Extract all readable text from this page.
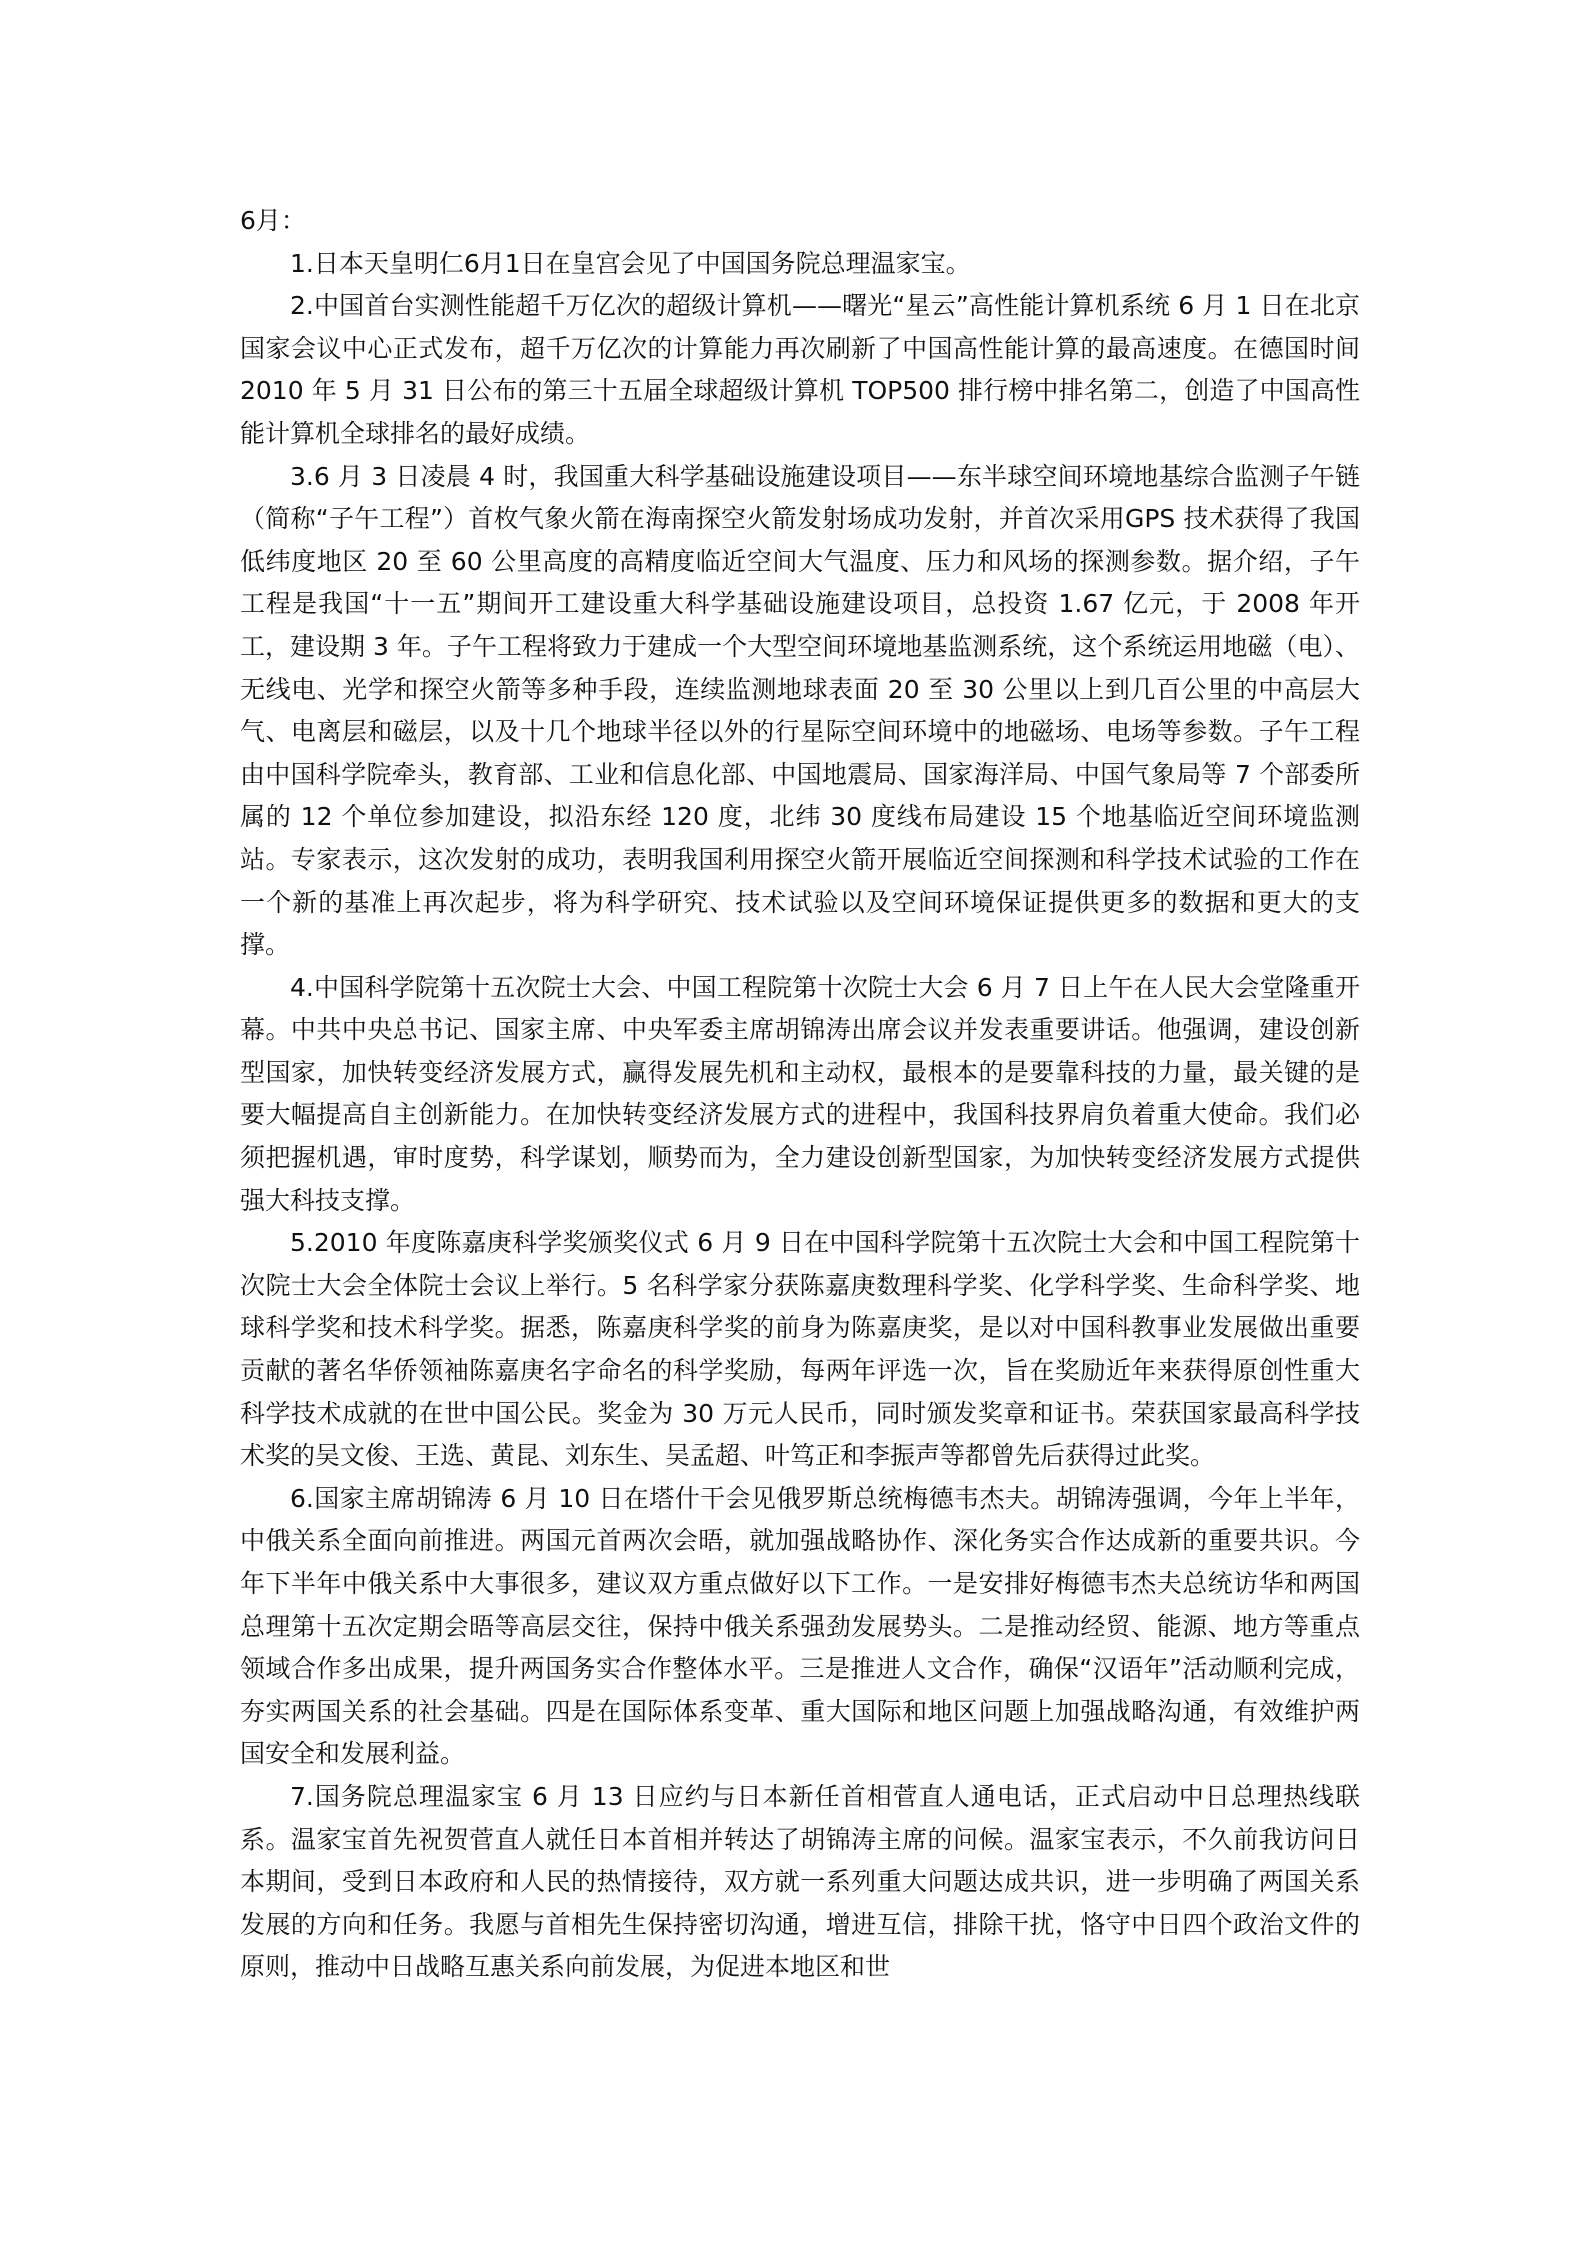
6月：

1.日本天皇明仁6月1日在皇宫会见了中国国务院总理温家宝。

2.中国首台实测性能超千万亿次的超级计算机——曙光“星云”高性能计算机系统 6 月 1 日在北京国家会议中心正式发布，超千万亿次的计算能力再次刷新了中国高性能计算的最高速度。在德国时间 2010 年 5 月 31 日公布的第三十五届全球超级计算机 TOP500 排行榜中排名第二，创造了中国高性能计算机全球排名的最好成绩。

3.6 月 3 日凌晨 4 时，我国重大科学基础设施建设项目——东半球空间环境地基综合监测子午链（简称“子午工程”）首枚气象火箭在海南探空火箭发射场成功发射，并首次采用GPS 技术获得了我国低纬度地区 20 至 60 公里高度的高精度临近空间大气温度、压力和风场的探测参数。据介绍，子午工程是我国“十一五”期间开工建设重大科学基础设施建设项目，总投资 1.67 亿元，于 2008 年开工，建设期 3 年。子午工程将致力于建成一个大型空间环境地基监测系统，这个系统运用地磁（电）、无线电、光学和探空火箭等多种手段，连续监测地球表面 20 至 30 公里以上到几百公里的中高层大气、电离层和磁层，以及十几个地球半径以外的行星际空间环境中的地磁场、电场等参数。子午工程由中国科学院牵头，教育部、工业和信息化部、中国地震局、国家海洋局、中国气象局等 7 个部委所属的 12 个单位参加建设，拟沿东经 120 度，北纬 30 度线布局建设 15 个地基临近空间环境监测站。专家表示，这次发射的成功，表明我国利用探空火箭开展临近空间探测和科学技术试验的工作在一个新的基准上再次起步，将为科学研究、技术试验以及空间环境保证提供更多的数据和更大的支撑。

4.中国科学院第十五次院士大会、中国工程院第十次院士大会 6 月 7 日上午在人民大会堂隆重开幕。中共中央总书记、国家主席、中央军委主席胡锦涛出席会议并发表重要讲话。他强调，建设创新型国家，加快转变经济发展方式，赢得发展先机和主动权，最根本的是要靠科技的力量，最关键的是要大幅提高自主创新能力。在加快转变经济发展方式的进程中，我国科技界肩负着重大使命。我们必须把握机遇，审时度势，科学谋划，顺势而为，全力建设创新型国家，为加快转变经济发展方式提供强大科技支撑。

5.2010 年度陈嘉庚科学奖颁奖仪式 6 月 9 日在中国科学院第十五次院士大会和中国工程院第十次院士大会全体院士会议上举行。5 名科学家分获陈嘉庚数理科学奖、化学科学奖、生命科学奖、地球科学奖和技术科学奖。据悉，陈嘉庚科学奖的前身为陈嘉庚奖，是以对中国科教事业发展做出重要贡献的著名华侨领袖陈嘉庚名字命名的科学奖励，每两年评选一次，旨在奖励近年来获得原创性重大科学技术成就的在世中国公民。奖金为 30 万元人民币，同时颁发奖章和证书。荣获国家最高科学技术奖的吴文俊、王选、黄昆、刘东生、吴孟超、叶笃正和李振声等都曾先后获得过此奖。

6.国家主席胡锦涛 6 月 10 日在塔什干会见俄罗斯总统梅德韦杰夫。胡锦涛强调，今年上半年，中俄关系全面向前推进。两国元首两次会晤，就加强战略协作、深化务实合作达成新的重要共识。今年下半年中俄关系中大事很多，建议双方重点做好以下工作。一是安排好梅德韦杰夫总统访华和两国总理第十五次定期会晤等高层交往，保持中俄关系强劲发展势头。二是推动经贸、能源、地方等重点领域合作多出成果，提升两国务实合作整体水平。三是推进人文合作，确保“汉语年”活动顺利完成，夯实两国关系的社会基础。四是在国际体系变革、重大国际和地区问题上加强战略沟通，有效维护两国安全和发展利益。

7.国务院总理温家宝 6 月 13 日应约与日本新任首相菅直人通电话，正式启动中日总理热线联系。温家宝首先祝贺菅直人就任日本首相并转达了胡锦涛主席的问候。温家宝表示，不久前我访问日本期间，受到日本政府和人民的热情接待，双方就一系列重大问题达成共识，进一步明确了两国关系发展的方向和任务。我愿与首相先生保持密切沟通，增进互信，排除干扰，恪守中日四个政治文件的原则，推动中日战略互惠关系向前发展，为促进本地区和世
